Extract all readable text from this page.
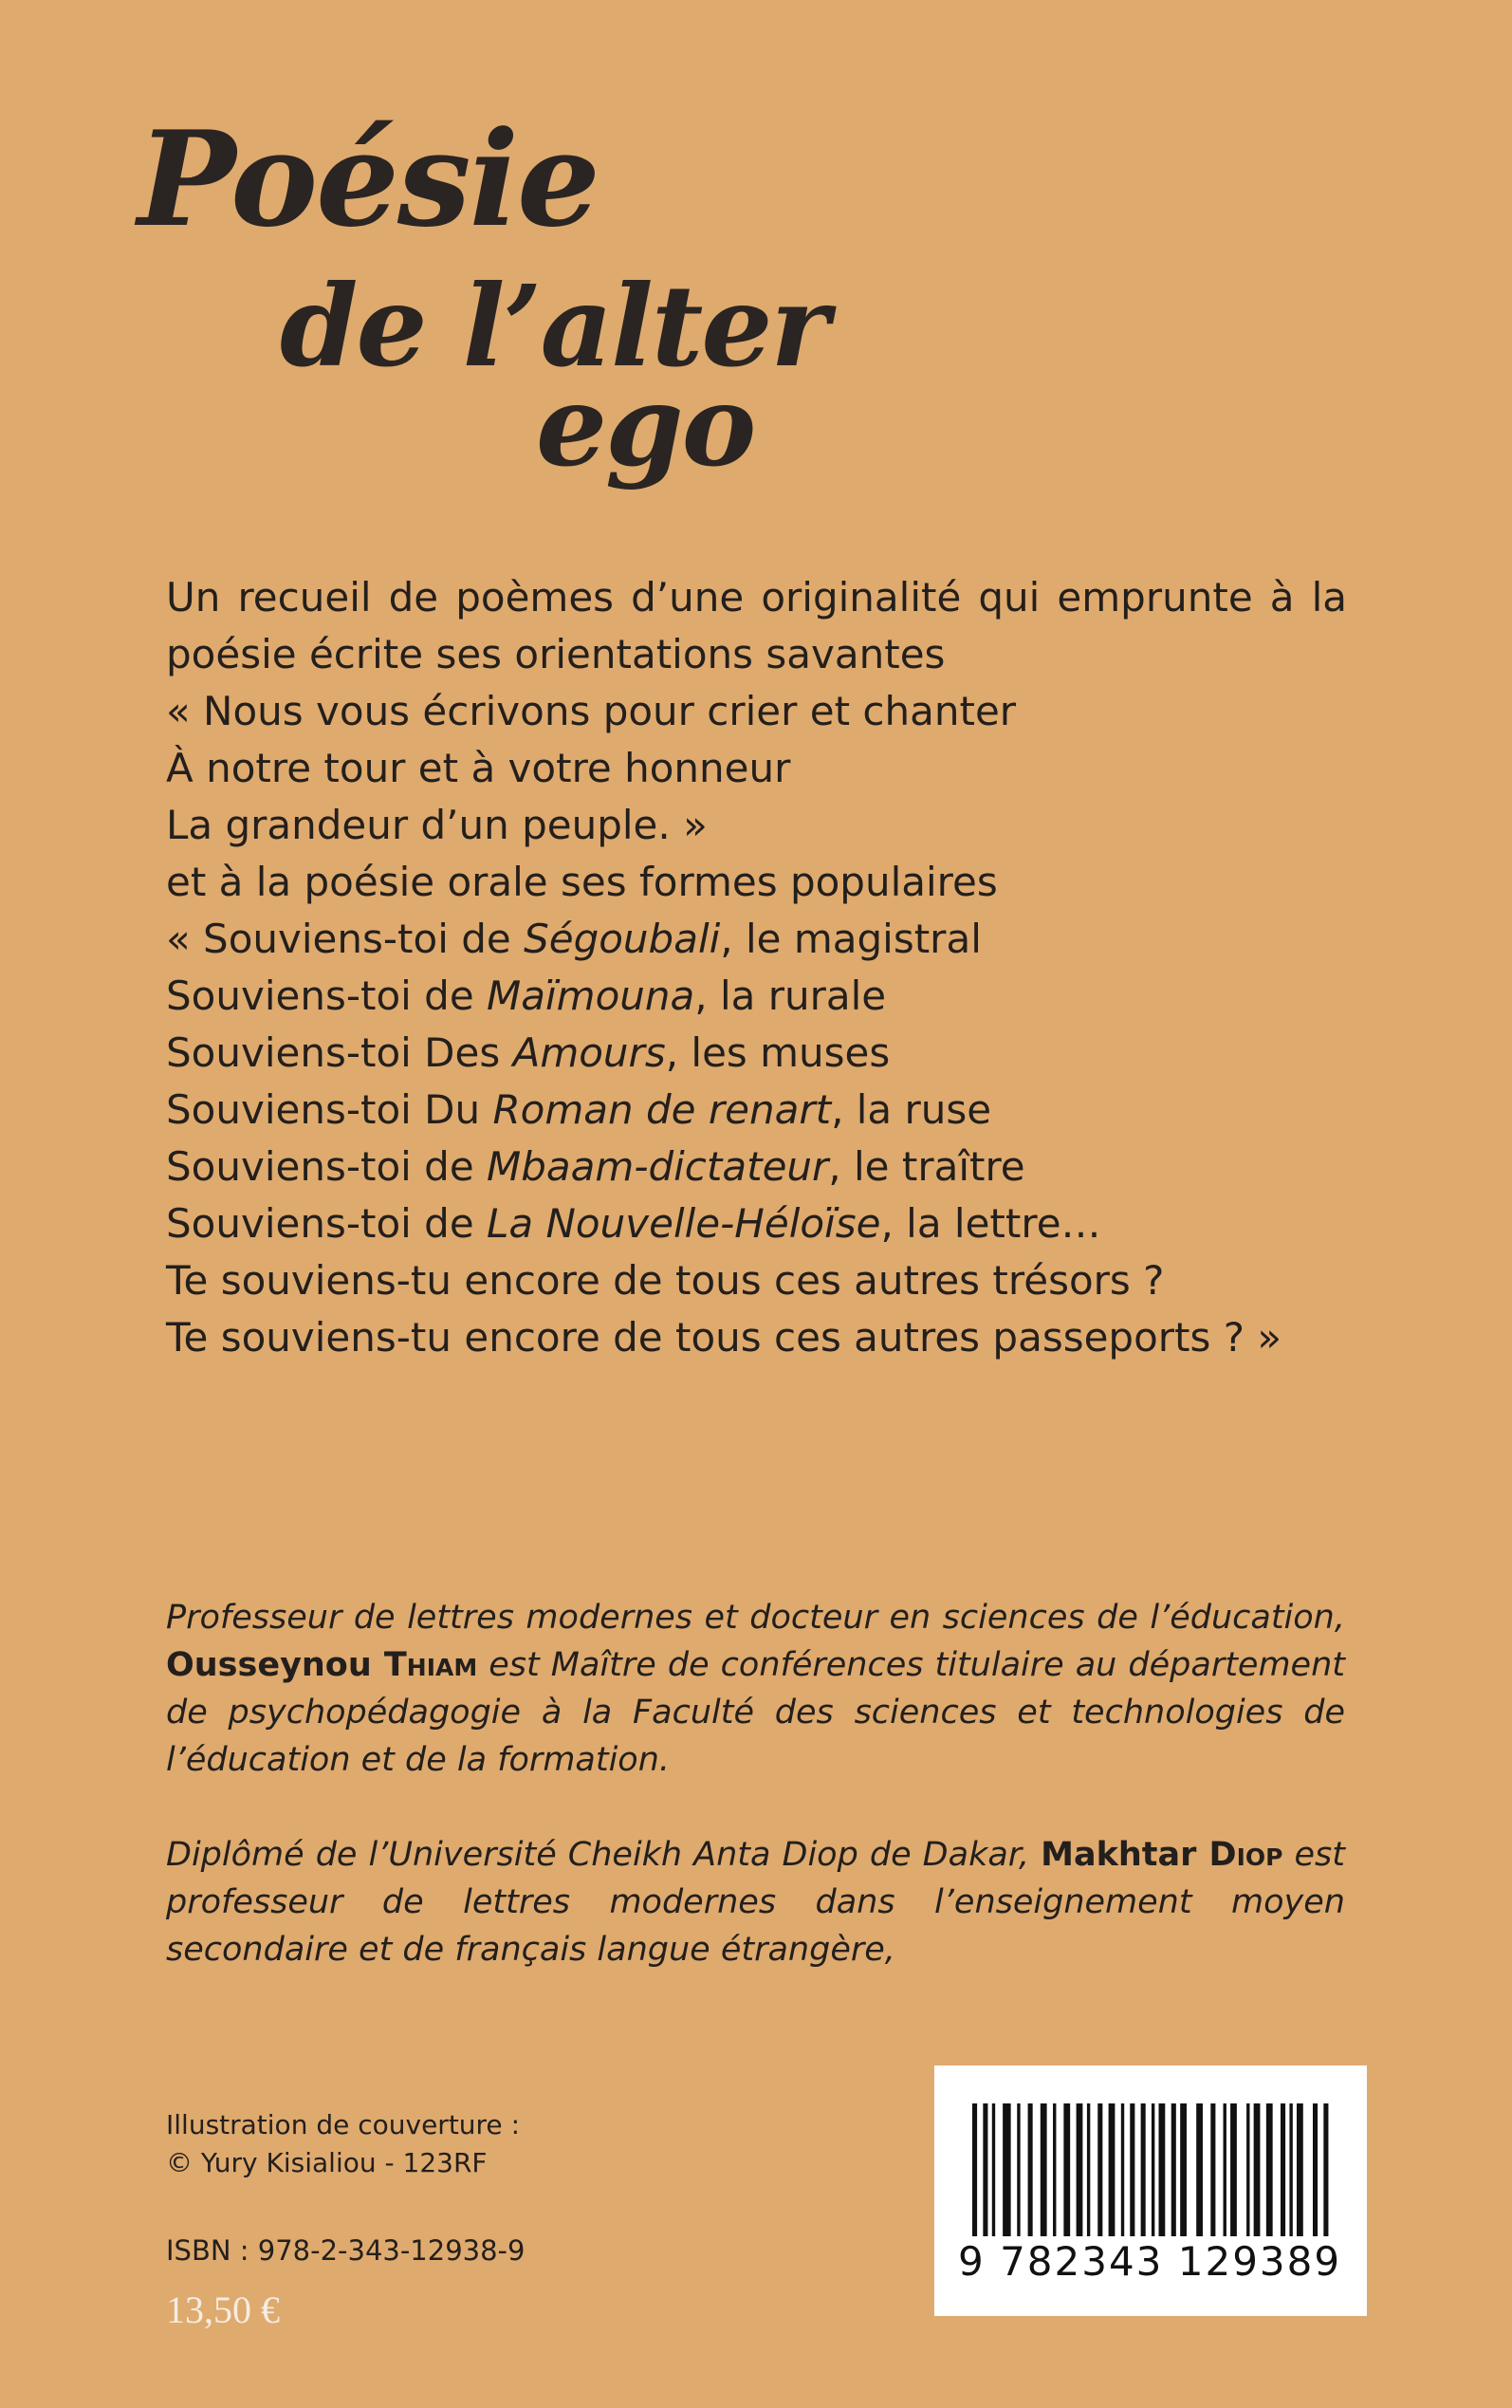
Poésie
de l’alter
ego
Un recueil de poèmes d’une originalité qui emprunte à la
poésie écrite ses orientations savantes
« Nous vous écrivons pour crier et chanter
À notre tour et à votre honneur
La grandeur d’un peuple. »
et à la poésie orale ses formes populaires
« Souviens-toi de Ségoubali, le magistral
Souviens-toi de Maïmouna, la rurale
Souviens-toi Des Amours, les muses
Souviens-toi Du Roman de renart, la ruse
Souviens-toi de Mbaam-dictateur, le traître
Souviens-toi de La Nouvelle-Héloïse, la lettre…
Te souviens-tu encore de tous ces autres trésors ?
Te souviens-tu encore de tous ces autres passeports ? »
Professeur de lettres modernes et docteur en sciences de l’éducation, Ousseynou Thiam est Maître de conférences titulaire au département de psychopédagogie à la Faculté des sciences et technologies de l’éducation et de la formation.
Diplômé de l’Université Cheikh Anta Diop de Dakar, Makhtar Diop est professeur de lettres modernes dans l’enseignement moyen secondaire et de français langue étrangère,
Illustration de couverture :
© Yury Kisialiou - 123RF
ISBN : 978-2-343-12938-9
13,50 €
9 782343 129389
